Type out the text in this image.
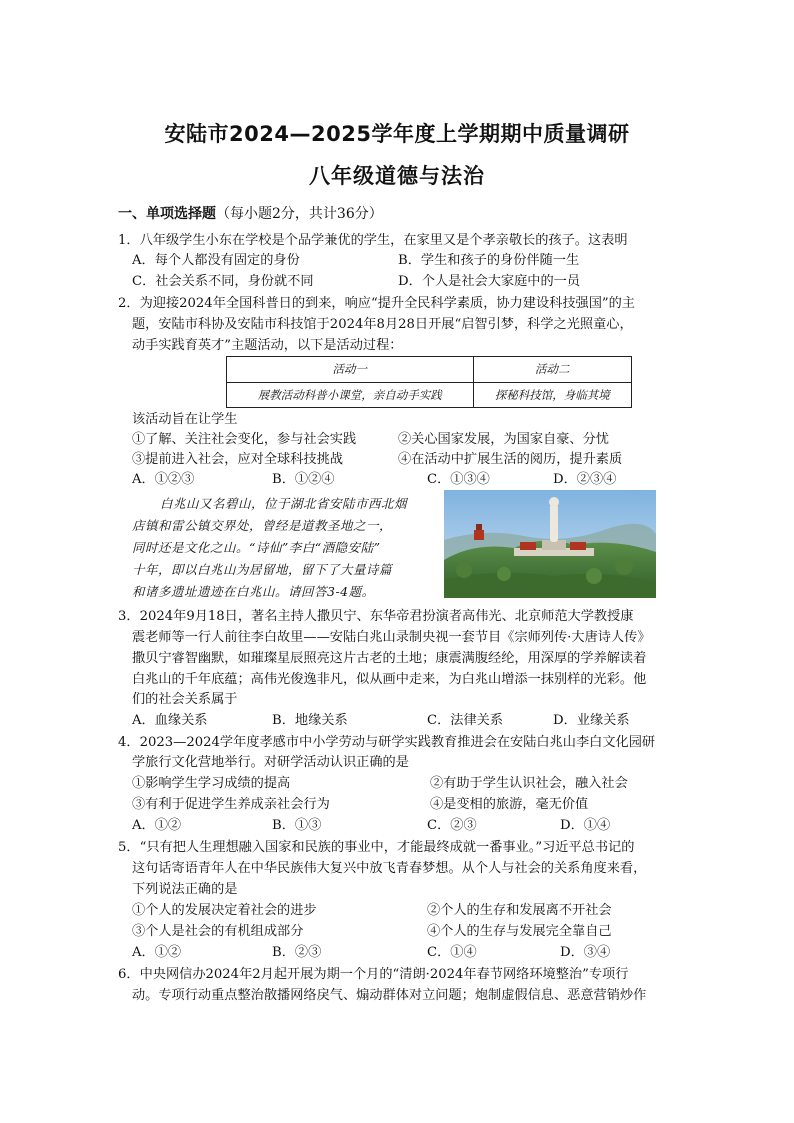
安陆市2024—2025学年度上学期期中质量调研
八年级道德与法治
一、单项选择题（每小题2分，共计36分）
1．八年级学生小东在学校是个品学兼优的学生，在家里又是个孝亲敬长的孩子。这表明
A．每个人都没有固定的身份	B．学生和孩子的身份伴随一生
C．社会关系不同，身份就不同	D．个人是社会大家庭中的一员
2．为迎接2024年全国科普日的到来，响应“提升全民科学素质，协力建设科技强国”的主
题，安陆市科协及安陆市科技馆于2024年8月28日开展“启智引梦，科学之光照童心，
动手实践育英才”主题活动，以下是活动过程：
活动一	活动二
展教活动科普小课堂，亲自动手实践	探秘科技馆，身临其境
该活动旨在让学生
①了解、关注社会变化，参与社会实践	②关心国家发展，为国家自豪、分忧
③提前进入社会，应对全球科技挑战	④在活动中扩展生活的阅历，提升素质
A．①②③	B．①②④	C．①③④	D．②③④
白兆山又名碧山，位于湖北省安陆市西北烟
店镇和雷公镇交界处，曾经是道教圣地之一，
同时还是文化之山。“诗仙”李白“酒隐安陆”
十年，即以白兆山为居留地，留下了大量诗篇
和诸多遗址遗迹在白兆山。请回答3-4题。
3．2024年9月18日，著名主持人撒贝宁、东华帝君扮演者高伟光、北京师范大学教授康
震老师等一行人前往李白故里——安陆白兆山录制央视一套节目《宗师列传·大唐诗人传》
撒贝宁睿智幽默，如璀璨星辰照亮这片古老的土地；康震满腹经纶，用深厚的学养解读着
白兆山的千年底蕴；高伟光俊逸非凡，似从画中走来，为白兆山增添一抹别样的光彩。他
们的社会关系属于
A．血缘关系	B．地缘关系	C．法律关系	D．业缘关系
4．2023—2024学年度孝感市中小学劳动与研学实践教育推进会在安陆白兆山李白文化园研
学旅行文化营地举行。对研学活动认识正确的是
①影响学生学习成绩的提高	②有助于学生认识社会，融入社会
③有利于促进学生养成亲社会行为	④是变相的旅游，毫无价值
A．①②	B．①③	C．②③	D．①④
5．“只有把人生理想融入国家和民族的事业中，才能最终成就一番事业。”习近平总书记的
这句话寄语青年人在中华民族伟大复兴中放飞青春梦想。从个人与社会的关系角度来看，
下列说法正确的是
①个人的发展决定着社会的进步	②个人的生存和发展离不开社会
③个人是社会的有机组成部分	④个人的生存与发展完全靠自己
A．①②	B．②③	C．①④	D．③④
6．中央网信办2024年2月起开展为期一个月的“清朗·2024年春节网络环境整治”专项行
动。专项行动重点整治散播网络戾气、煽动群体对立问题；炮制虚假信息、恶意营销炒作
